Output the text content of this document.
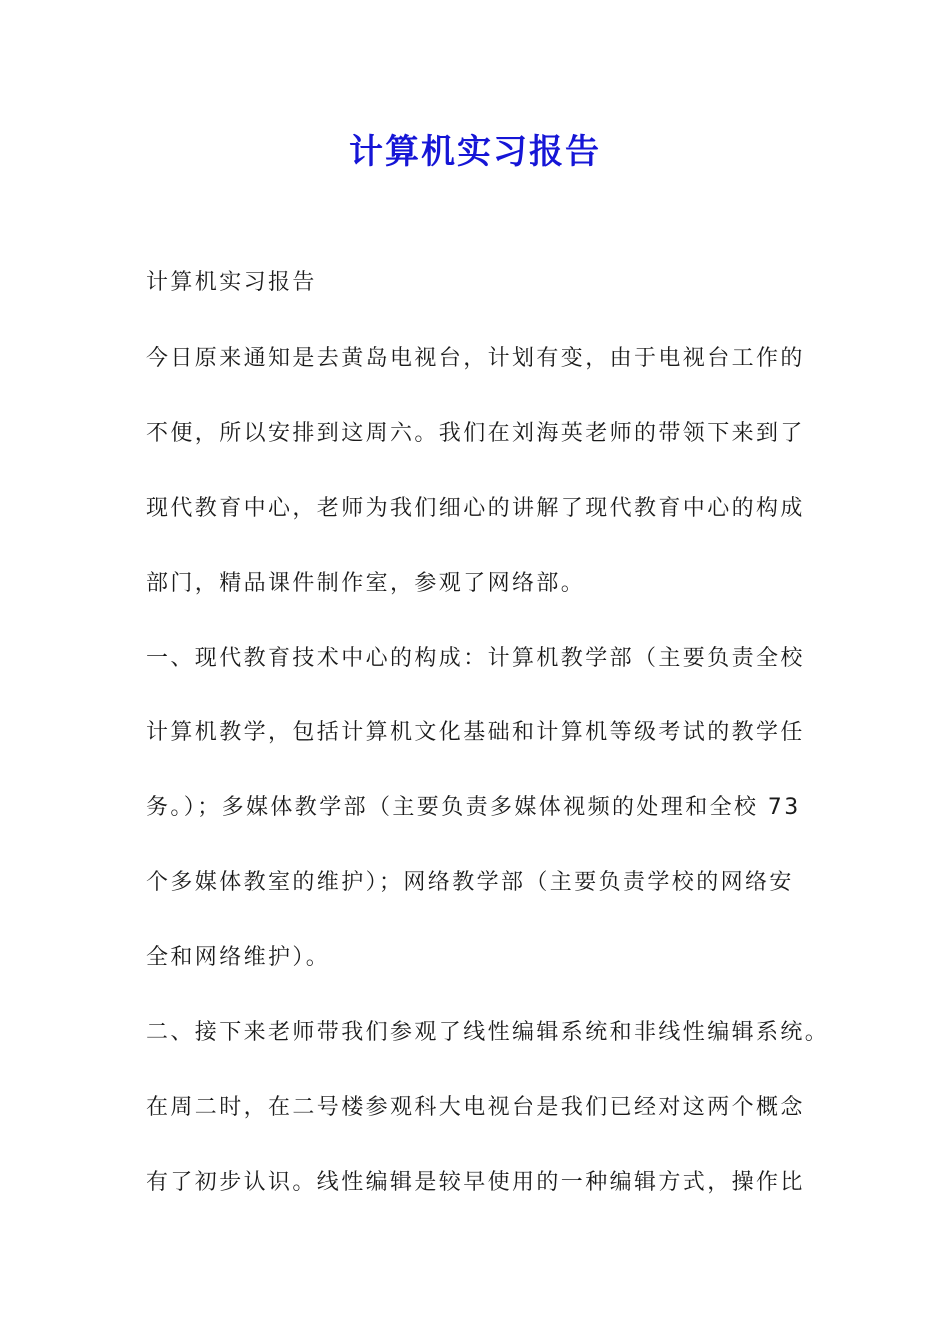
计算机实习报告
计算机实习报告
今日原来通知是去黄岛电视台，计划有变，由于电视台工作的
不便，所以安排到这周六。我们在刘海英老师的带领下来到了
现代教育中心，老师为我们细心的讲解了现代教育中心的构成
部门，精品课件制作室，参观了网络部。
一、现代教育技术中心的构成：计算机教学部（主要负责全校
计算机教学，包括计算机文化基础和计算机等级考试的教学任
务。）；多媒体教学部（主要负责多媒体视频的处理和全校 73
个多媒体教室的维护）；网络教学部（主要负责学校的网络安
全和网络维护）。
二、接下来老师带我们参观了线性编辑系统和非线性编辑系统。
在周二时，在二号楼参观科大电视台是我们已经对这两个概念
有了初步认识。线性编辑是较早使用的一种编辑方式，操作比
